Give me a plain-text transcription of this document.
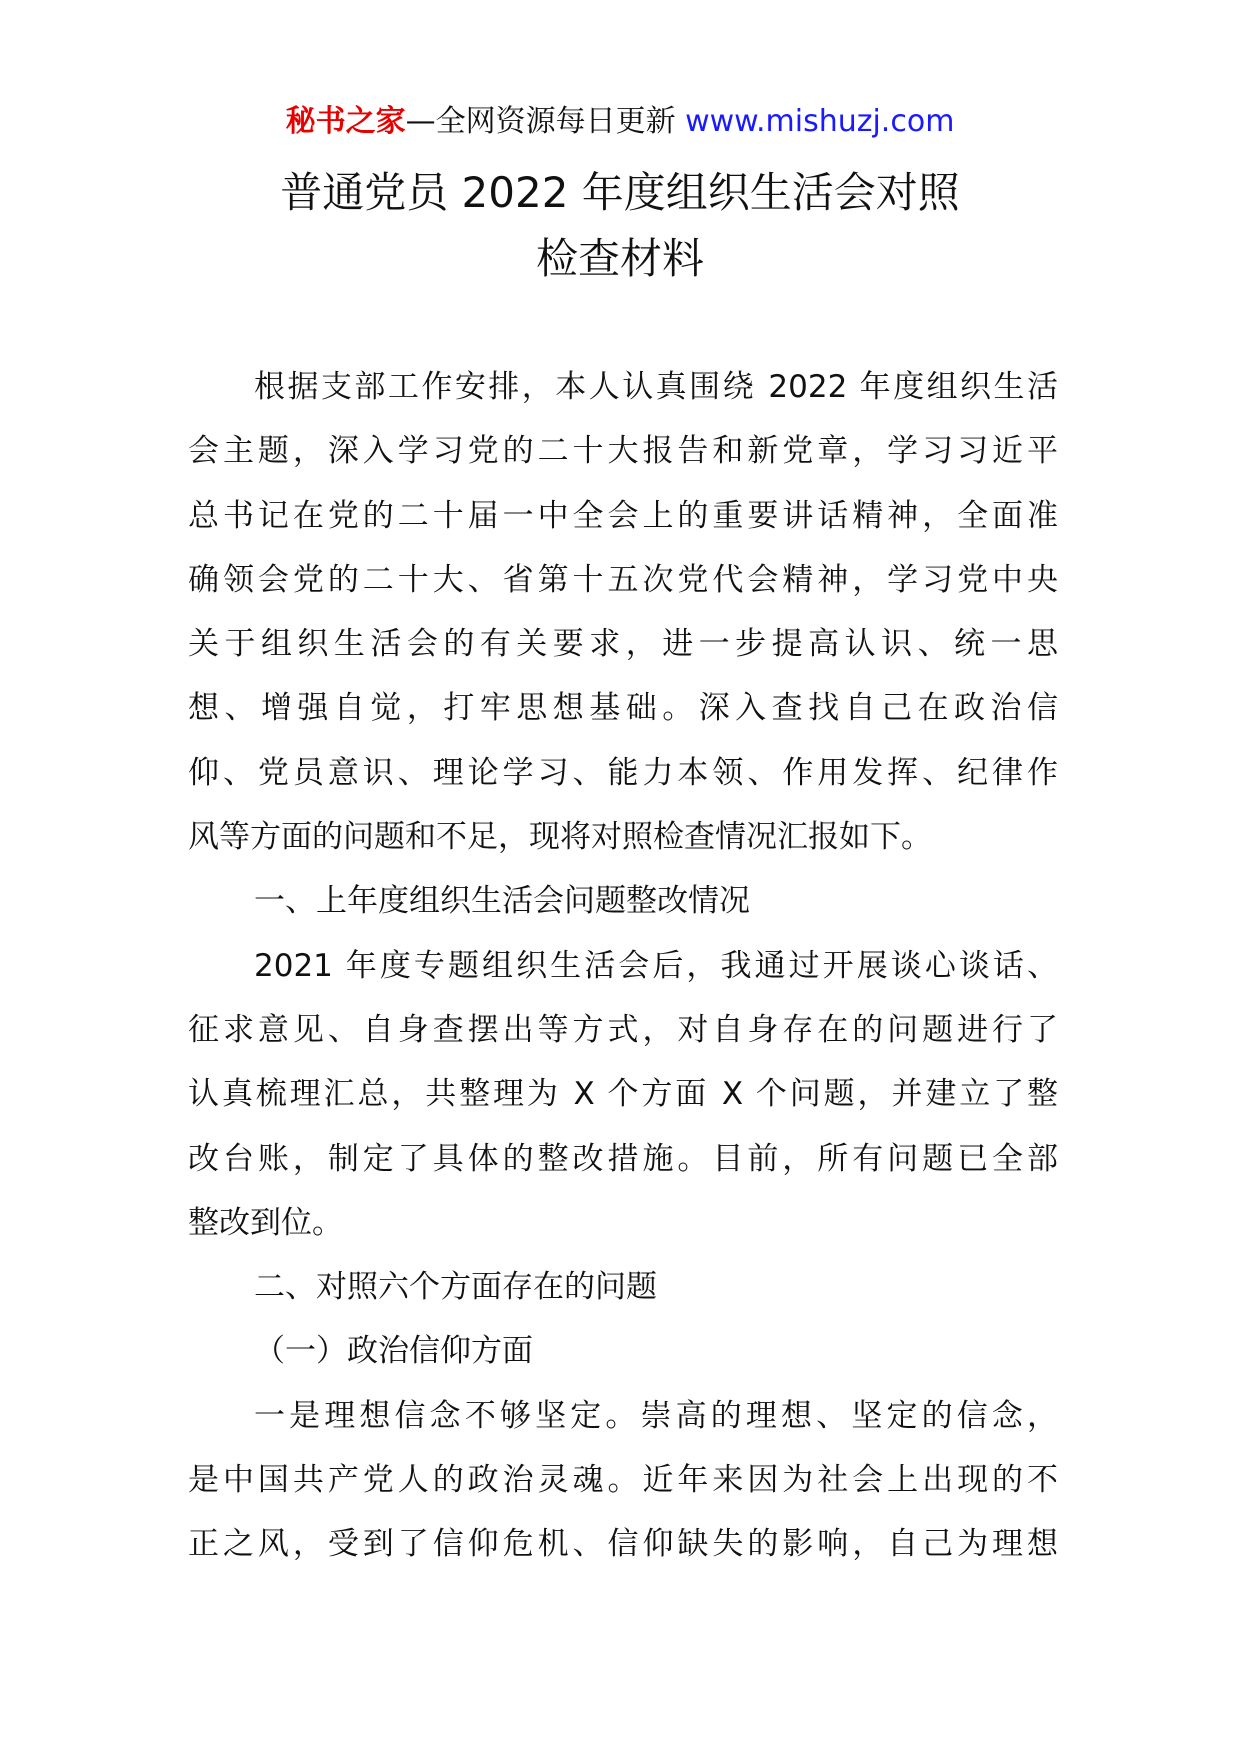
秘书之家—全网资源每日更新 www.mishuzj.com
普通党员 2022 年度组织生活会对照
检查材料
根据支部工作安排，本人认真围绕 2022 年度组织生活
会主题，深入学习党的二十大报告和新党章，学习习近平
总书记在党的二十届一中全会上的重要讲话精神，全面准
确领会党的二十大、省第十五次党代会精神，学习党中央
关于组织生活会的有关要求，进一步提高认识、统一思
想、增强自觉，打牢思想基础。深入查找自己在政治信
仰、党员意识、理论学习、能力本领、作用发挥、纪律作
风等方面的问题和不足，现将对照检查情况汇报如下。
一、上年度组织生活会问题整改情况
2021 年度专题组织生活会后，我通过开展谈心谈话、
征求意见、自身查摆出等方式，对自身存在的问题进行了
认真梳理汇总，共整理为 X 个方面 X 个问题，并建立了整
改台账，制定了具体的整改措施。目前，所有问题已全部
整改到位。
二、对照六个方面存在的问题
（一）政治信仰方面
一是理想信念不够坚定。崇高的理想、坚定的信念，
是中国共产党人的政治灵魂。近年来因为社会上出现的不
正之风，受到了信仰危机、信仰缺失的影响，自己为理想
